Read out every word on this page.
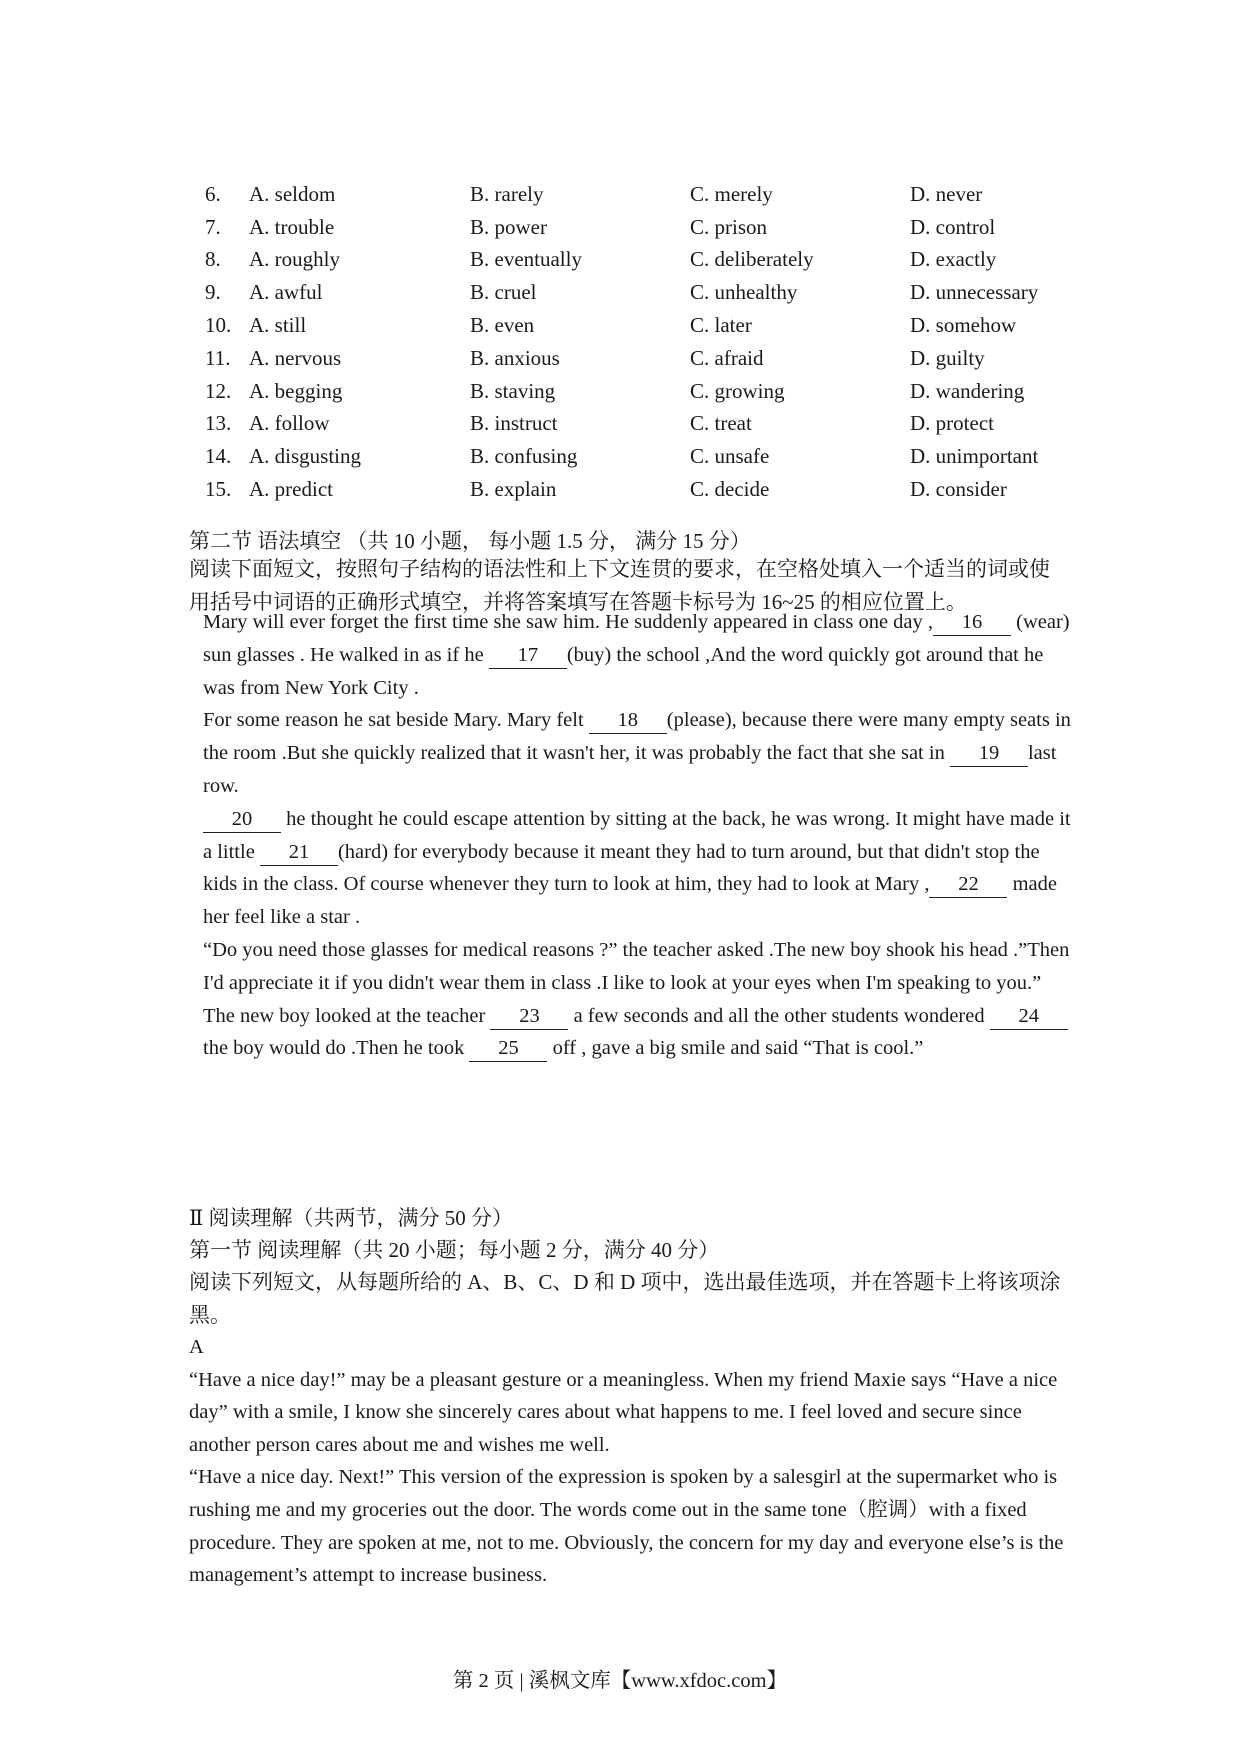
6.	A. seldom	B. rarely	C. merely	D. never
7.	A. trouble	B. power	C. prison	D. control
8.	A. roughly	B. eventually	C. deliberately	D. exactly
9.	A. awful	B. cruel	C. unhealthy	D. unnecessary
10. A. still	B. even	C. later	D. somehow
11. A. nervous	B. anxious	C. afraid	D. guilty
12. A. begging	B. staving	C. growing	D. wandering
13. A. follow	B. instruct	C. treat	D. protect
14. A. disgusting	B. confusing	C. unsafe	D. unimportant
15. A. predict	B. explain	C. decide	D. consider
第二节 语法填空 （共 10 小题， 每小题 1.5 分， 满分 15 分）
阅读下面短文，按照句子结构的语法性和上下文连贯的要求，在空格处填入一个适当的词或使用括号中词语的正确形式填空，并将答案填写在答题卡标号为 16~25 的相应位置上。

Mary will ever forget the first time she saw him. He suddenly appeared in class one day , 16 (wear) sun glasses . He walked in as if he 17 (buy) the school ,And the word quickly got around that he was from New York City .

For some reason he sat beside Mary. Mary felt 18 (please), because there were many empty seats in the room .But she quickly realized that it wasn't her, it was probably the fact that she sat in 19 last row.

20 he thought he could escape attention by sitting at the back, he was wrong. It might have made it a little 21 (hard) for everybody because it meant they had to turn around, but that didn't stop the kids in the class. Of course whenever they turn to look at him, they had to look at Mary , 22 made her feel like a star .

“Do you need those glasses for medical reasons ?” the teacher asked .The new boy shook his head .”Then I'd appreciate it if you didn't wear them in class .I like to look at your eyes when I'm speaking to you.” The new boy looked at the teacher 23 a few seconds and all the other students wondered 24 the boy would do .Then he took 25 off , gave a big smile and said “That is cool.”

Ⅱ 阅读理解（共两节，满分 50 分）
第一节 阅读理解（共 20 小题；每小题 2 分，满分 40 分）
阅读下列短文，从每题所给的 A、B、C、D 和 D 项中，选出最佳选项，并在答题卡上将该项涂黑。

A

“Have a nice day!” may be a pleasant gesture or a meaningless. When my friend Maxie says “Have a nice day” with a smile, I know she sincerely cares about what happens to me. I feel loved and secure since another person cares about me and wishes me well.

“Have a nice day. Next!” This version of the expression is spoken by a salesgirl at the supermarket who is rushing me and my groceries out the door. The words come out in the same tone（腔调）with a fixed procedure. They are spoken at me, not to me. Obviously, the concern for my day and everyone else’s is the management’s attempt to increase business.

第 2 页 | 溪枫文库【www.xfdoc.com】
